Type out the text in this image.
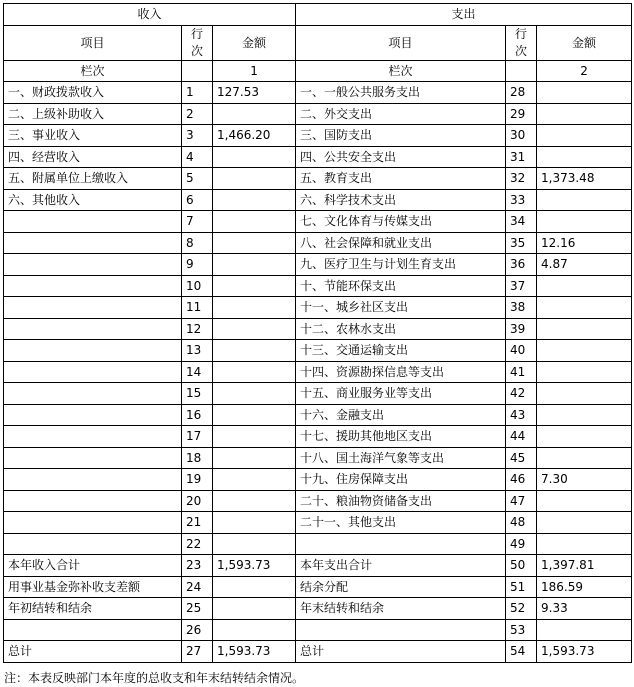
收入			支出		
项目	行次	金额	项目	行次	金额
栏次		1	栏次		2
一、财政拨款收入	1	127.53	一、一般公共服务支出	28	
二、上级补助收入	2		二、外交支出	29	
三、事业收入	3	1,466.20	三、国防支出	30	
四、经营收入	4		四、公共安全支出	31	
五、附属单位上缴收入	5		五、教育支出	32	1,373.48
六、其他收入	6		六、科学技术支出	33	
	7		七、文化体育与传媒支出	34	
	8		八、社会保障和就业支出	35	12.16
	9		九、医疗卫生与计划生育支出	36	4.87
	10		十、节能环保支出	37	
	11		十一、城乡社区支出	38	
	12		十二、农林水支出	39	
	13		十三、交通运输支出	40	
	14		十四、资源勘探信息等支出	41	
	15		十五、商业服务业等支出	42	
	16		十六、金融支出	43	
	17		十七、援助其他地区支出	44	
	18		十八、国土海洋气象等支出	45	
	19		十九、住房保障支出	46	7.30
	20		二十、粮油物资储备支出	47	
	21		二十一、其他支出	48	
	22			49	
本年收入合计	23	1,593.73	本年支出合计	50	1,397.81
用事业基金弥补收支差额	24		结余分配	51	186.59
年初结转和结余	25		年末结转和结余	52	9.33
	26			53	
总计	27	1,593.73	总计	54	1,593.73
注：本表反映部门本年度的总收支和年末结转结余情况。
